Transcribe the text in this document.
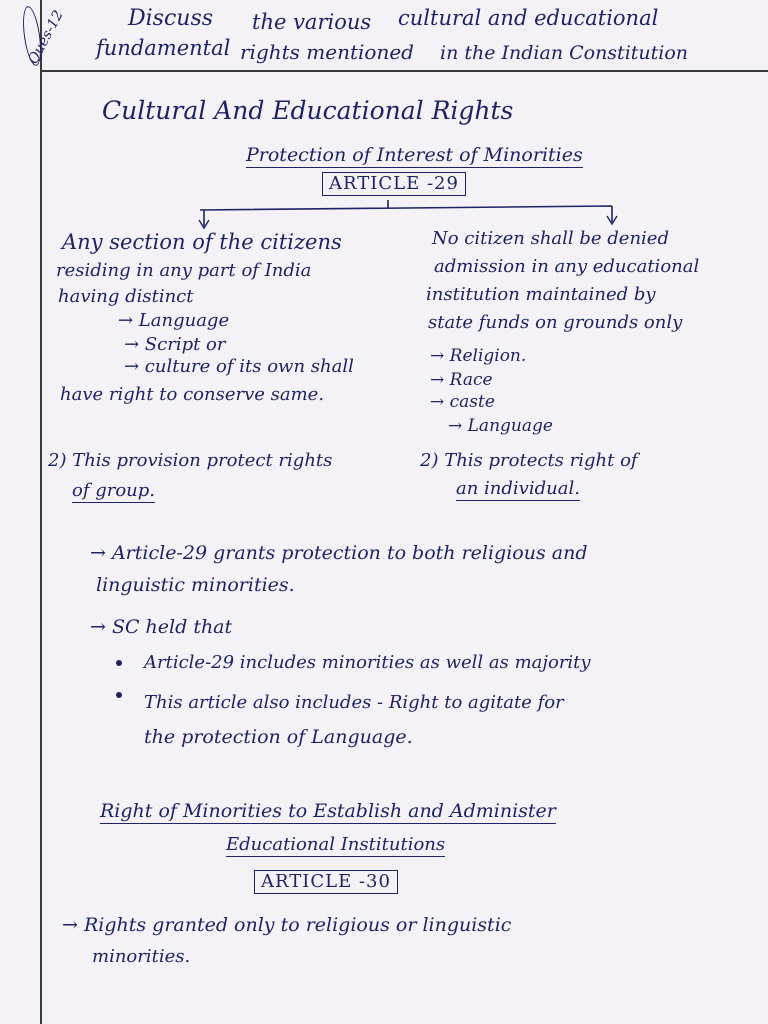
Ques-12	Discuss the various cultural and educational
fundamental rights mentioned in the Indian Constitution
Cultural And Educational Rights
Protection of Interest of Minorities
ARTICLE -29
Any section of the citizens
residing in any part of India
having distinct
→ Language
→ Script or
→ culture of its own shall
have right to conserve same.
2) This provision protect rights
of group.
No citizen shall be denied
admission in any educational
institution maintained by
state funds on grounds only
→ Religion.
→ Race
→ caste
→ Language
2) This protects right of
an individual.
→ Article-29 grants protection to both religious and
linguistic minorities.
→ SC held that
Article-29 includes minorities as well as majority
This article also includes - Right to agitate for
the protection of Language.
Right of Minorities to Establish and Administer
Educational Institutions
ARTICLE -30
→ Rights granted only to religious or linguistic
minorities.
